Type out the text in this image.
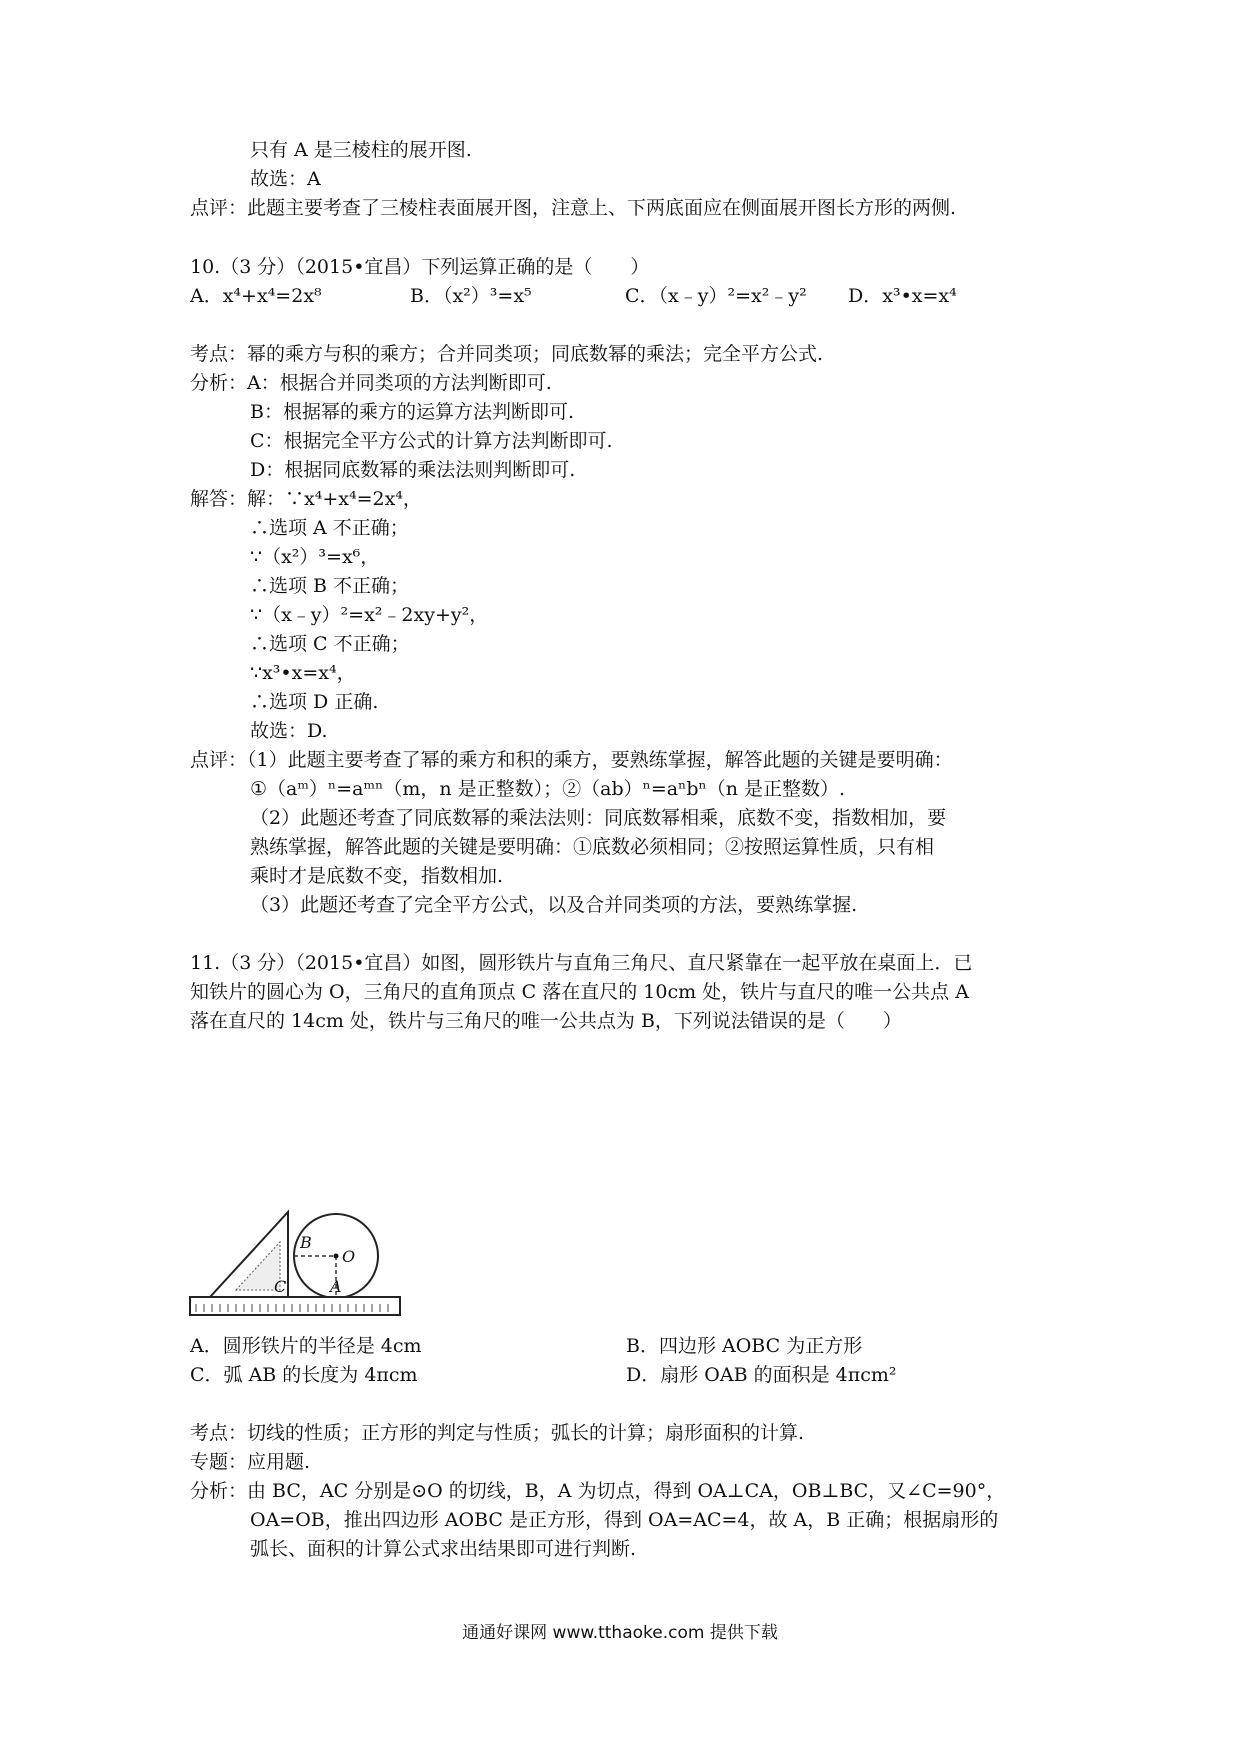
只有 A 是三棱柱的展开图.
故选：A
点评：此题主要考查了三棱柱表面展开图，注意上、下两底面应在侧面展开图长方形的两侧.
10.（3 分）（2015•宜昌）下列运算正确的是（　　）
A．x⁴+x⁴=2x⁸	B．（x²）³=x⁵	C．（x﹣y）²=x²﹣y² D．x³•x=x⁴
考点：幂的乘方与积的乘方；合并同类项；同底数幂的乘法；完全平方公式.
分析：A：根据合并同类项的方法判断即可.
B：根据幂的乘方的运算方法判断即可.
C：根据完全平方公式的计算方法判断即可.
D：根据同底数幂的乘法法则判断即可.
解答：解：∵x⁴+x⁴=2x⁴，
∴选项 A 不正确；
∵（x²）³=x⁶，
∴选项 B 不正确；
∵（x﹣y）²=x²﹣2xy+y²，
∴选项 C 不正确；
∵x³•x=x⁴，
∴选项 D 正确.
故选：D.
点评：（1）此题主要考查了幂的乘方和积的乘方，要熟练掌握，解答此题的关键是要明确：
①（aᵐ）ⁿ=aᵐⁿ（m，n 是正整数）；②（ab）ⁿ=aⁿbⁿ（n 是正整数）.
（2）此题还考查了同底数幂的乘法法则：同底数幂相乘，底数不变，指数相加，要
熟练掌握，解答此题的关键是要明确：①底数必须相同；②按照运算性质，只有相
乘时才是底数不变，指数相加.
（3）此题还考查了完全平方公式，以及合并同类项的方法，要熟练掌握.
11.（3 分）（2015•宜昌）如图，圆形铁片与直角三角尺、直尺紧靠在一起平放在桌面上．已
知铁片的圆心为 O，三角尺的直角顶点 C 落在直尺的 10cm 处，铁片与直尺的唯一公共点 A
落在直尺的 14cm 处，铁片与三角尺的唯一公共点为 B，下列说法错误的是（　　）
B
O
C	A
A．圆形铁片的半径是 4cm	B．四边形 AOBC 为正方形
C．弧 AB 的长度为 4πcm	D．扇形 OAB 的面积是 4πcm²
考点：切线的性质；正方形的判定与性质；弧长的计算；扇形面积的计算.
专题：应用题.
分析：由 BC，AC 分别是⊙O 的切线，B，A 为切点，得到 OA⊥CA，OB⊥BC，又∠C=90°，
OA=OB，推出四边形 AOBC 是正方形，得到 OA=AC=4，故 A，B 正确；根据扇形的
弧长、面积的计算公式求出结果即可进行判断.
通通好课网 www.tthaoke.com 提供下载
